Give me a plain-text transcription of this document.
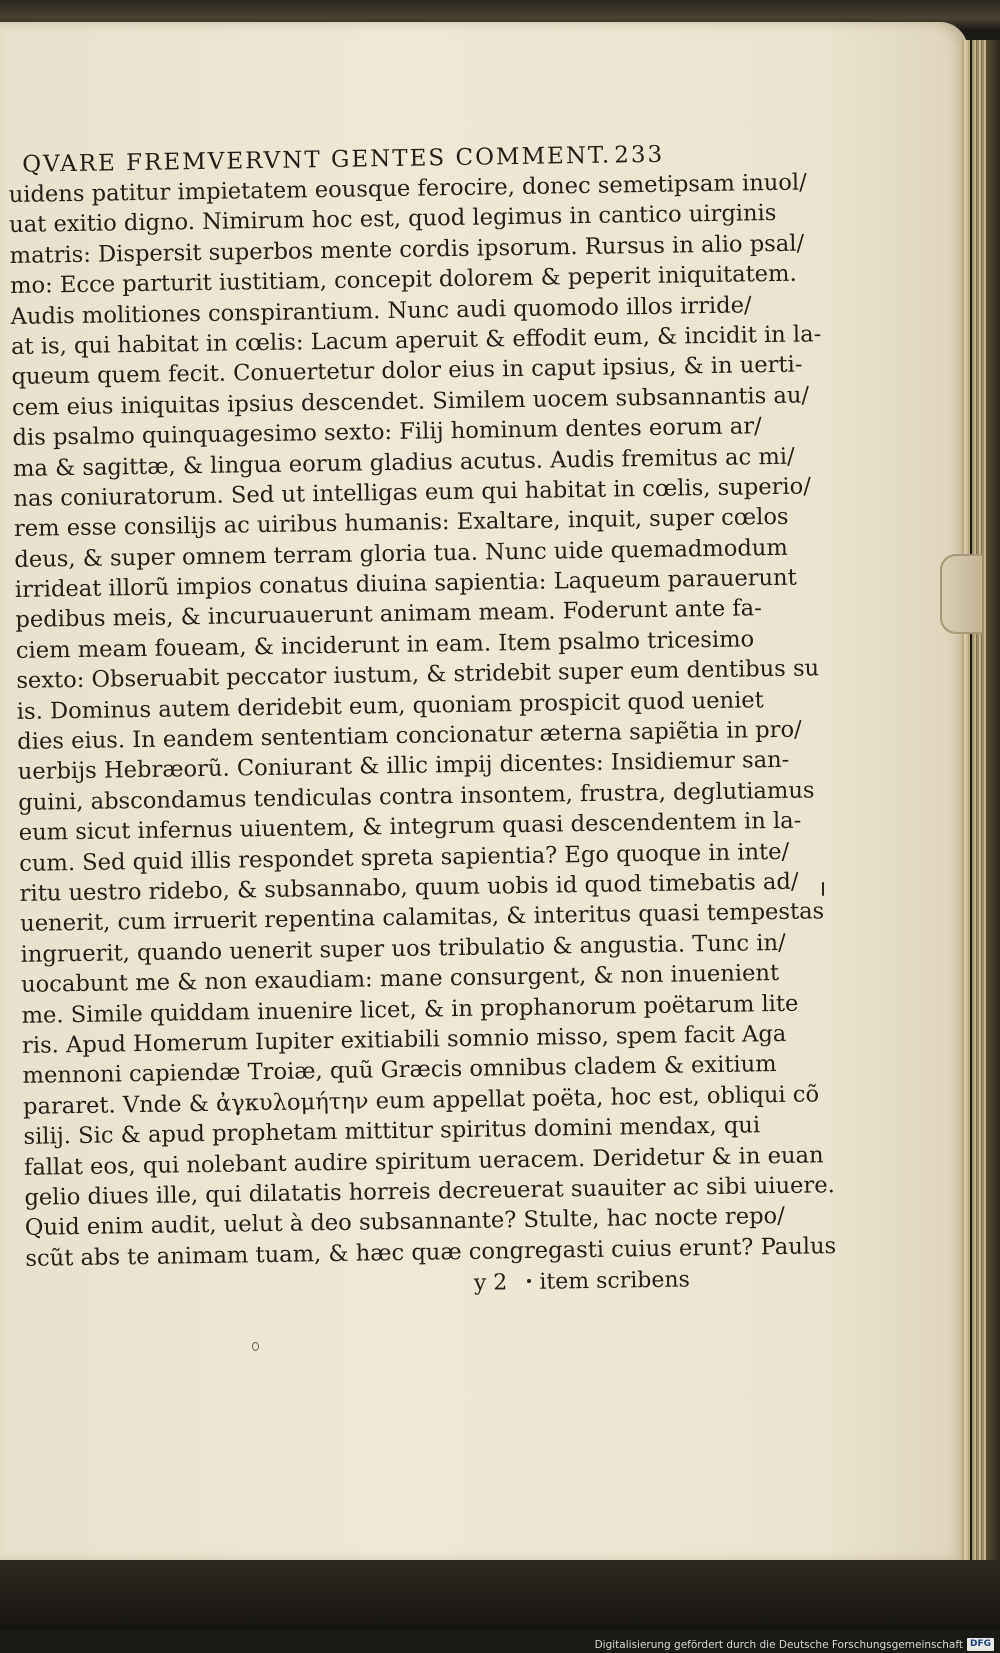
QVARE FREMVERVNT GENTES COMMENT. 233
uidens patitur impietatem eousque ferocire, donec semetipsam inuol/
uat exitio digno. Nimirum hoc est, quod legimus in cantico uirginis
matris: Dispersit superbos mente cordis ipsorum. Rursus in alio psal/
mo: Ecce parturit iustitiam, concepit dolorem & peperit iniquitatem.
Audis molitiones conspirantium. Nunc audi quomodo illos irride/
at is, qui habitat in cœlis: Lacum aperuit & effodit eum, & incidit in la-
queum quem fecit. Conuertetur dolor eius in caput ipsius, & in uerti-
cem eius iniquitas ipsius descendet. Similem uocem subsannantis au/
dis psalmo quinquagesimo sexto: Filij hominum dentes eorum ar/
ma & sagittæ, & lingua eorum gladius acutus. Audis fremitus ac mi/
nas coniuratorum. Sed ut intelligas eum qui habitat in cœlis, superio/
rem esse consilijs ac uiribus humanis: Exaltare, inquit, super cœlos
deus, & super omnem terram gloria tua. Nunc uide quemadmodum
irrideat illorũ impios conatus diuina sapientia: Laqueum parauerunt
pedibus meis, & incuruauerunt animam meam. Foderunt ante fa-
ciem meam foueam, & inciderunt in eam. Item psalmo tricesimo
sexto: Obseruabit peccator iustum, & stridebit super eum dentibus su
is. Dominus autem deridebit eum, quoniam prospicit quod ueniet
dies eius. In eandem sententiam concionatur æterna sapiẽtia in pro/
uerbijs Hebræorũ. Coniurant & illic impij dicentes: Insidiemur san-
guini, abscondamus tendiculas contra insontem, frustra, deglutiamus
eum sicut infernus uiuentem, & integrum quasi descendentem in la-
cum. Sed quid illis respondet spreta sapientia? Ego quoque in inte/
ritu uestro ridebo, & subsannabo, quum uobis id quod timebatis ad/
uenerit, cum irruerit repentina calamitas, & interitus quasi tempestas
ingruerit, quando uenerit super uos tribulatio & angustia. Tunc in/
uocabunt me & non exaudiam: mane consurgent, & non inuenient
me. Simile quiddam inuenire licet, & in prophanorum poëtarum lite
ris. Apud Homerum Iupiter exitiabili somnio misso, spem facit Aga
mennoni capiendæ Troiæ, quũ Græcis omnibus cladem & exitium
pararet. Vnde & ἀγκυλομήτην eum appellat poëta, hoc est, obliqui cõ
silij. Sic & apud prophetam mittitur spiritus domini mendax, qui
fallat eos, qui nolebant audire spiritum ueracem. Deridetur & in euan
gelio diues ille, qui dilatatis horreis decreuerat suauiter ac sibi uiuere.
Quid enim audit, uelut à deo subsannante? Stulte, hac nocte repo/
scũt abs te animam tuam, & hæc quæ congregasti cuius erunt? Paulus
y 2 item scribens
Digitalisierung gefördert durch die Deutsche Forschungsgemeinschaft DFG
